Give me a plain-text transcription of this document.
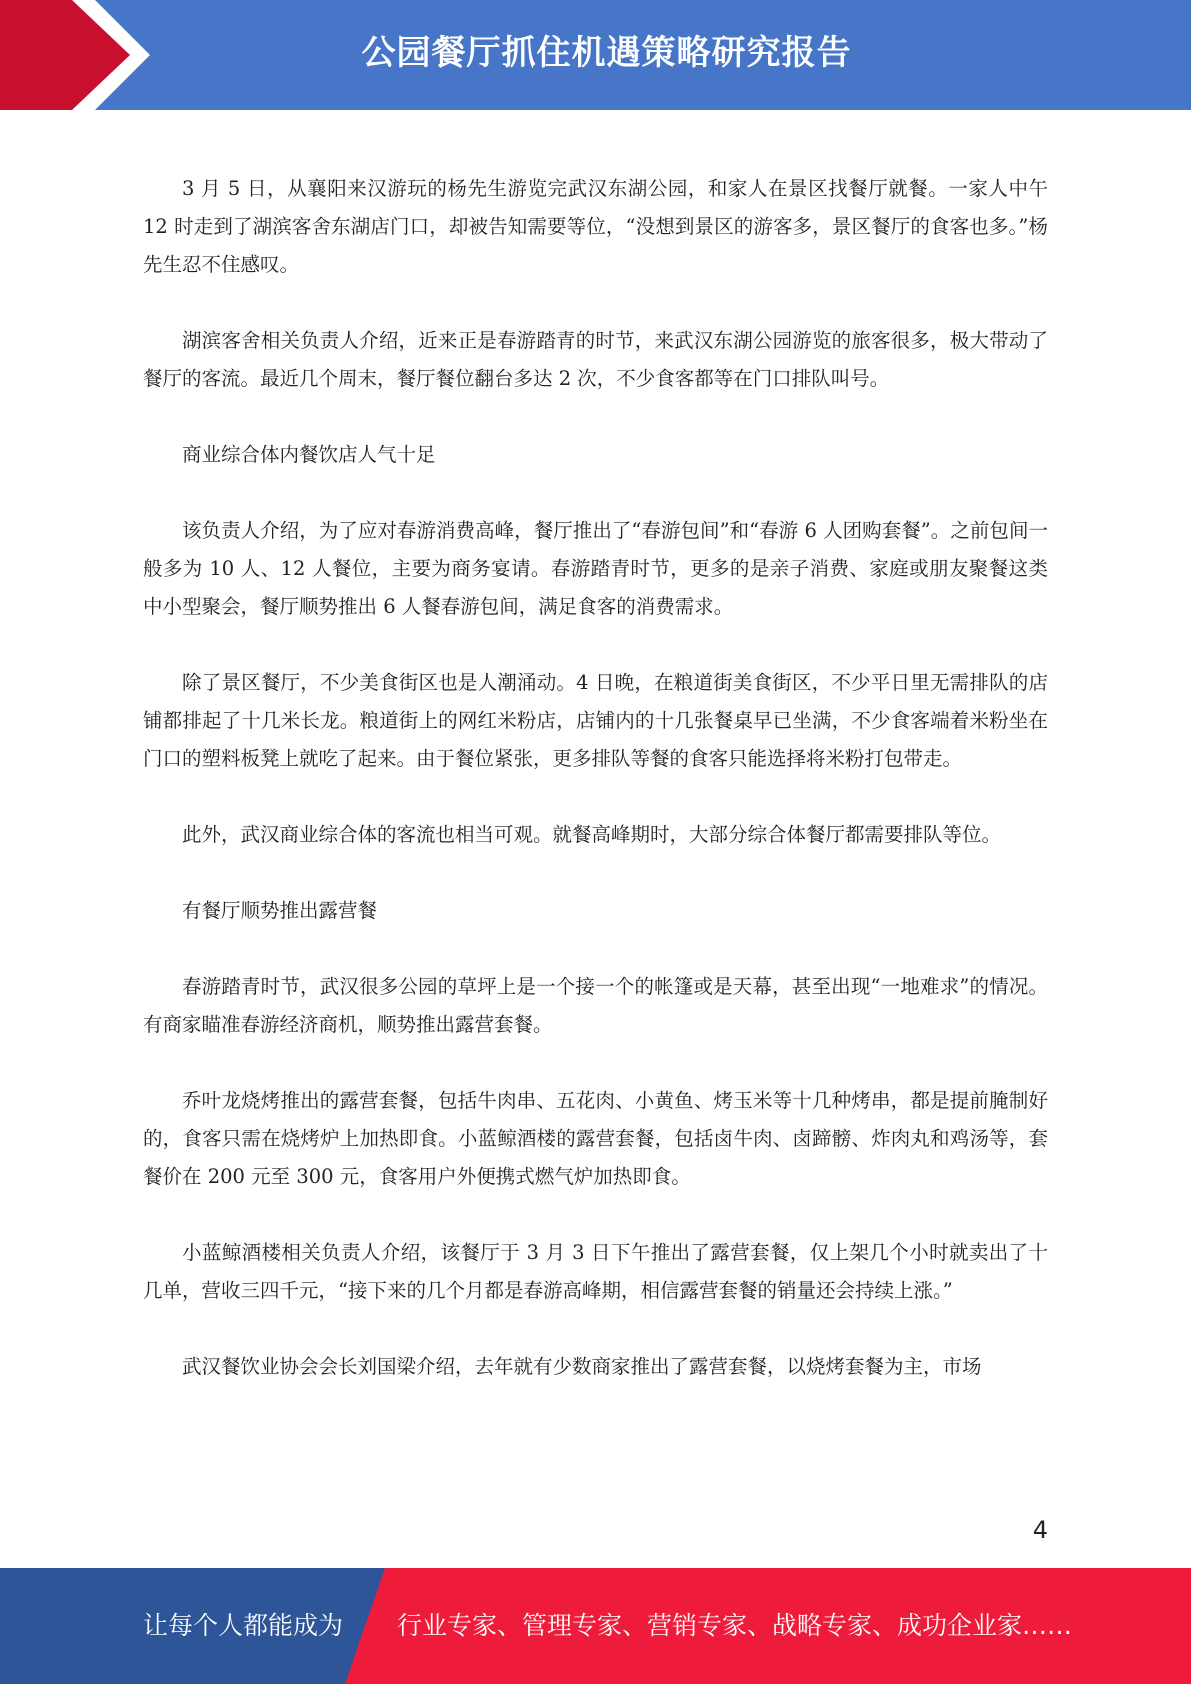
公园餐厅抓住机遇策略研究报告

3 月 5 日，从襄阳来汉游玩的杨先生游览完武汉东湖公园，和家人在景区找餐厅就餐。一家人中午 12 时走到了湖滨客舍东湖店门口，却被告知需要等位，“没想到景区的游客多，景区餐厅的食客也多。”杨先生忍不住感叹。

湖滨客舍相关负责人介绍，近来正是春游踏青的时节，来武汉东湖公园游览的旅客很多，极大带动了餐厅的客流。最近几个周末，餐厅餐位翻台多达 2 次，不少食客都等在门口排队叫号。

商业综合体内餐饮店人气十足

该负责人介绍，为了应对春游消费高峰，餐厅推出了“春游包间”和“春游 6 人团购套餐”。之前包间一般多为 10 人、12 人餐位，主要为商务宴请。春游踏青时节，更多的是亲子消费、家庭或朋友聚餐这类中小型聚会，餐厅顺势推出 6 人餐春游包间，满足食客的消费需求。

除了景区餐厅，不少美食街区也是人潮涌动。4 日晚，在粮道街美食街区，不少平日里无需排队的店铺都排起了十几米长龙。粮道街上的网红米粉店，店铺内的十几张餐桌早已坐满，不少食客端着米粉坐在门口的塑料板凳上就吃了起来。由于餐位紧张，更多排队等餐的食客只能选择将米粉打包带走。

此外，武汉商业综合体的客流也相当可观。就餐高峰期时，大部分综合体餐厅都需要排队等位。

有餐厅顺势推出露营餐

春游踏青时节，武汉很多公园的草坪上是一个接一个的帐篷或是天幕，甚至出现“一地难求”的情况。有商家瞄准春游经济商机，顺势推出露营套餐。

乔叶龙烧烤推出的露营套餐，包括牛肉串、五花肉、小黄鱼、烤玉米等十几种烤串，都是提前腌制好的，食客只需在烧烤炉上加热即食。小蓝鲸酒楼的露营套餐，包括卤牛肉、卤蹄髈、炸肉丸和鸡汤等，套餐价在 200 元至 300 元，食客用户外便携式燃气炉加热即食。

小蓝鲸酒楼相关负责人介绍，该餐厅于 3 月 3 日下午推出了露营套餐，仅上架几个小时就卖出了十几单，营收三四千元，“接下来的几个月都是春游高峰期，相信露营套餐的销量还会持续上涨。”

武汉餐饮业协会会长刘国梁介绍，去年就有少数商家推出了露营套餐，以烧烤套餐为主，市场

4
让每个人都能成为 行业专家、管理专家、营销专家、战略专家、成功企业家……
